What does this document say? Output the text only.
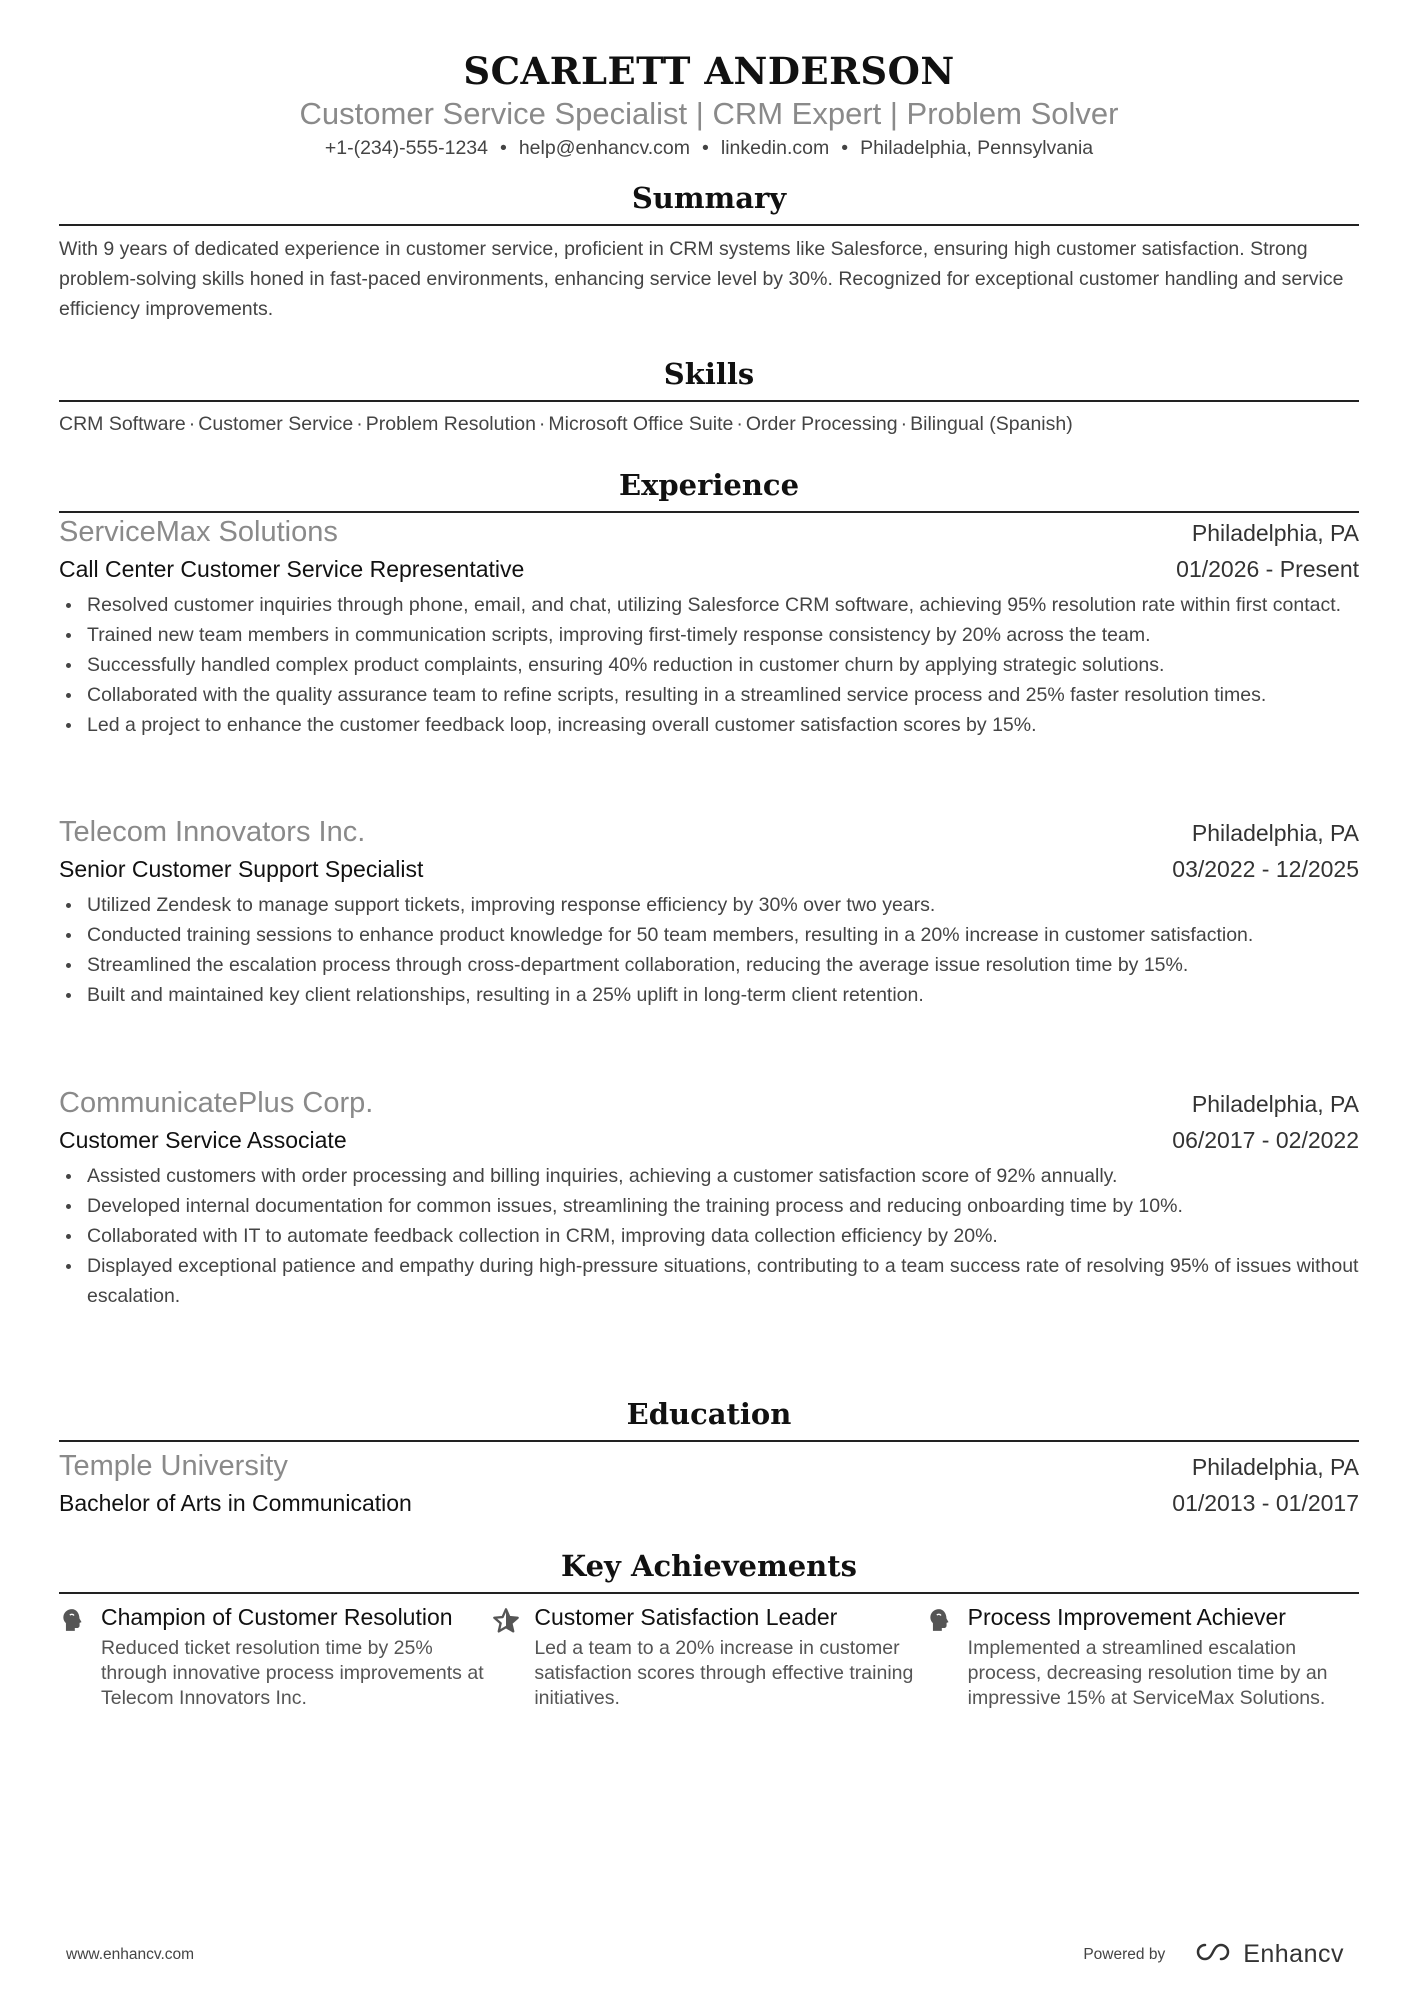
SCARLETT ANDERSON
Customer Service Specialist | CRM Expert | Problem Solver
+1-(234)-555-1234 • help@enhancv.com • linkedin.com • Philadelphia, Pennsylvania
Summary
With 9 years of dedicated experience in customer service, proficient in CRM systems like Salesforce, ensuring high customer satisfaction. Strong problem-solving skills honed in fast-paced environments, enhancing service level by 30%. Recognized for exceptional customer handling and service efficiency improvements.
Skills
CRM Software · Customer Service · Problem Resolution · Microsoft Office Suite · Order Processing · Bilingual (Spanish)
Experience
ServiceMax Solutions	Philadelphia, PA
Call Center Customer Service Representative	01/2026 - Present
Resolved customer inquiries through phone, email, and chat, utilizing Salesforce CRM software, achieving 95% resolution rate within first contact.
Trained new team members in communication scripts, improving first-timely response consistency by 20% across the team.
Successfully handled complex product complaints, ensuring 40% reduction in customer churn by applying strategic solutions.
Collaborated with the quality assurance team to refine scripts, resulting in a streamlined service process and 25% faster resolution times.
Led a project to enhance the customer feedback loop, increasing overall customer satisfaction scores by 15%.
Telecom Innovators Inc.	Philadelphia, PA
Senior Customer Support Specialist	03/2022 - 12/2025
Utilized Zendesk to manage support tickets, improving response efficiency by 30% over two years.
Conducted training sessions to enhance product knowledge for 50 team members, resulting in a 20% increase in customer satisfaction.
Streamlined the escalation process through cross-department collaboration, reducing the average issue resolution time by 15%.
Built and maintained key client relationships, resulting in a 25% uplift in long-term client retention.
CommunicatePlus Corp.	Philadelphia, PA
Customer Service Associate	06/2017 - 02/2022
Assisted customers with order processing and billing inquiries, achieving a customer satisfaction score of 92% annually.
Developed internal documentation for common issues, streamlining the training process and reducing onboarding time by 10%.
Collaborated with IT to automate feedback collection in CRM, improving data collection efficiency by 20%.
Displayed exceptional patience and empathy during high-pressure situations, contributing to a team success rate of resolving 95% of issues without escalation.
Education
Temple University	Philadelphia, PA
Bachelor of Arts in Communication	01/2013 - 01/2017
Key Achievements
Champion of Customer Resolution
Reduced ticket resolution time by 25% through innovative process improvements at Telecom Innovators Inc.
Customer Satisfaction Leader
Led a team to a 20% increase in customer satisfaction scores through effective training initiatives.
Process Improvement Achiever
Implemented a streamlined escalation process, decreasing resolution time by an impressive 15% at ServiceMax Solutions.
www.enhancv.com	Powered by	Enhancv
